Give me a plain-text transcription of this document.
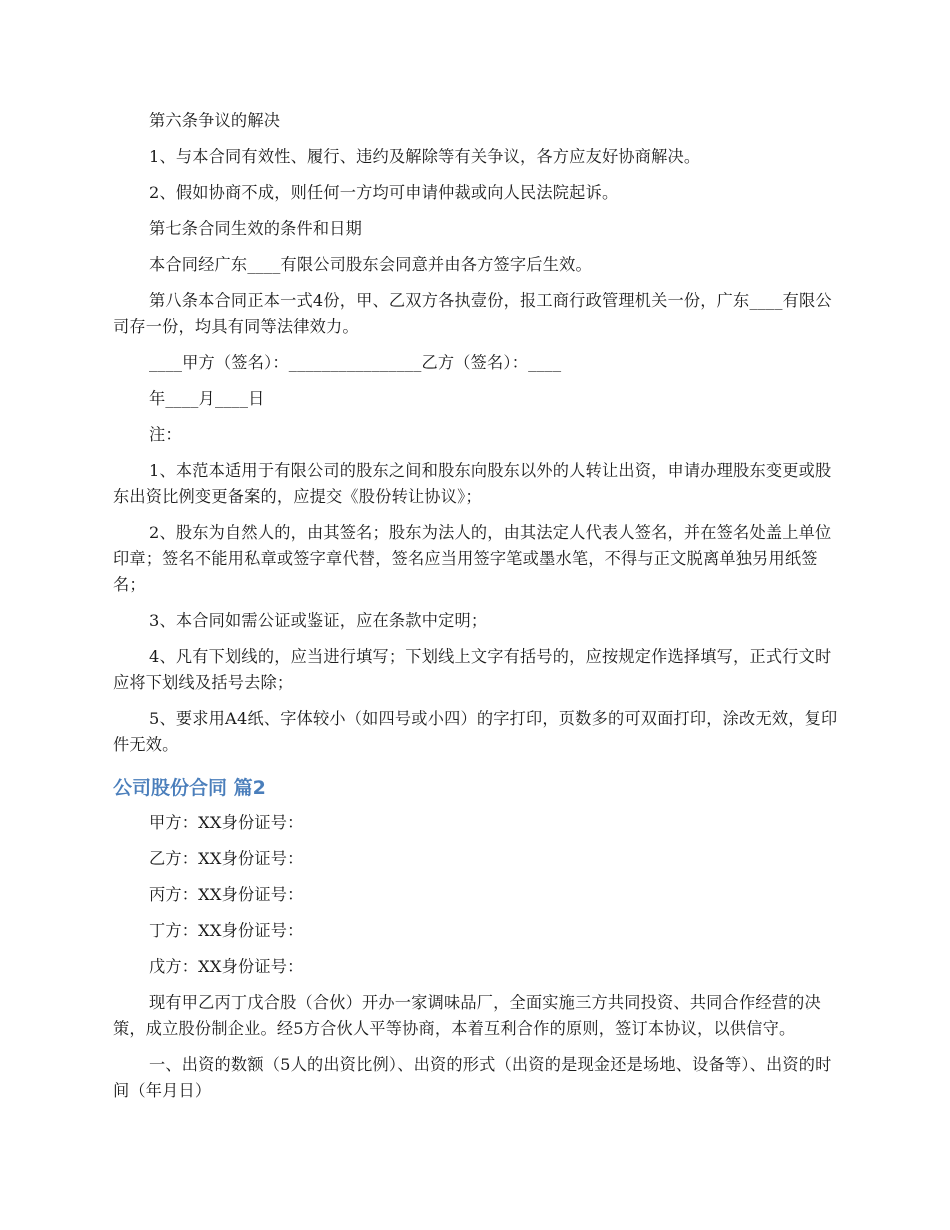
第六条争议的解决

1、与本合同有效性、履行、违约及解除等有关争议，各方应友好协商解决。

2、假如协商不成，则任何一方均可申请仲裁或向人民法院起诉。

第七条合同生效的条件和日期

本合同经广东____有限公司股东会同意并由各方签字后生效。

第八条本合同正本一式4份，甲、乙双方各执壹份，报工商行政管理机关一份，广东____有限公司存一份，均具有同等法律效力。

____甲方（签名）：________________乙方（签名）：____

年____月____日

注：

1、本范本适用于有限公司的股东之间和股东向股东以外的人转让出资，申请办理股东变更或股东出资比例变更备案的，应提交《股份转让协议》；

2、股东为自然人的，由其签名；股东为法人的，由其法定人代表人签名，并在签名处盖上单位印章；签名不能用私章或签字章代替，签名应当用签字笔或墨水笔，不得与正文脱离单独另用纸签名；

3、本合同如需公证或鉴证，应在条款中定明；

4、凡有下划线的，应当进行填写；下划线上文字有括号的，应按规定作选择填写，正式行文时应将下划线及括号去除；

5、要求用A4纸、字体较小（如四号或小四）的字打印，页数多的可双面打印，涂改无效，复印件无效。

公司股份合同 篇2

甲方：XX身份证号：

乙方：XX身份证号：

丙方：XX身份证号：

丁方：XX身份证号：

戊方：XX身份证号：

现有甲乙丙丁戊合股（合伙）开办一家调味品厂，全面实施三方共同投资、共同合作经营的决策，成立股份制企业。经5方合伙人平等协商，本着互利合作的原则，签订本协议，以供信守。

一、出资的数额（5人的出资比例）、出资的形式（出资的是现金还是场地、设备等）、出资的时间（年月日）
